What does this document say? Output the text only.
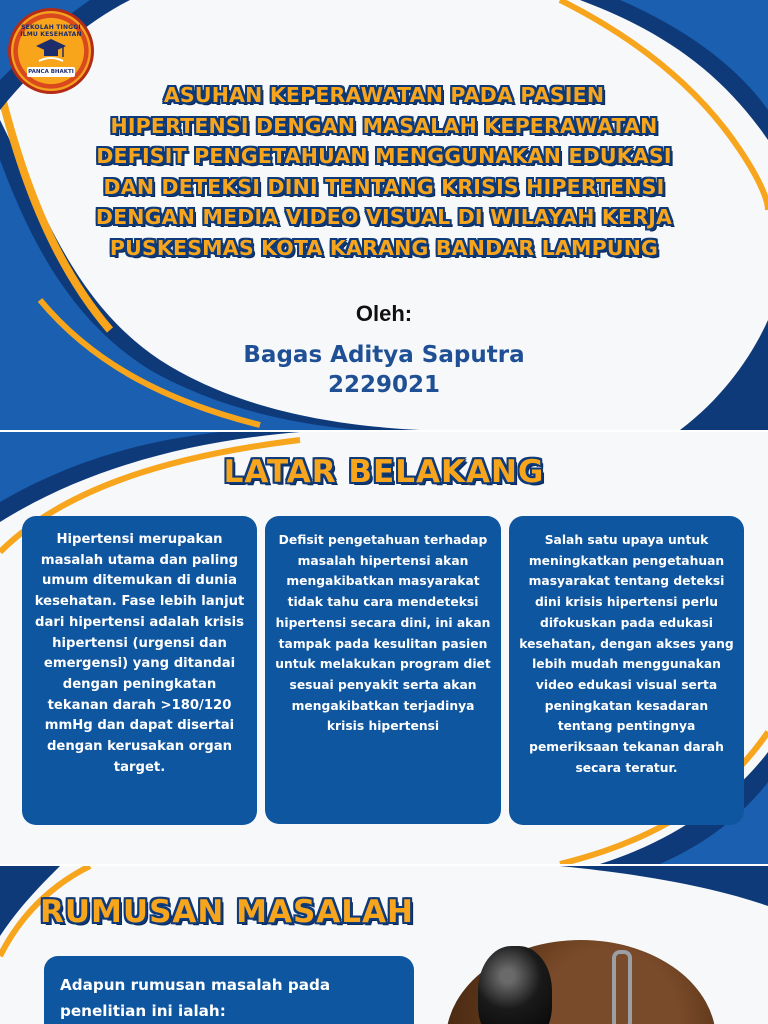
SEKOLAH TINGGI ILMU KESEHATAN
PANCA BHAKTI
ASUHAN KEPERAWATAN PADA PASIEN
HIPERTENSI DENGAN MASALAH KEPERAWATAN
DEFISIT PENGETAHUAN MENGGUNAKAN EDUKASI
DAN DETEKSI DINI TENTANG KRISIS HIPERTENSI
DENGAN MEDIA VIDEO VISUAL DI WILAYAH KERJA
PUSKESMAS KOTA KARANG BANDAR LAMPUNG
Oleh:
Bagas Aditya Saputra
2229021
LATAR BELAKANG
Hipertensi merupakan masalah utama dan paling umum ditemukan di dunia kesehatan. Fase lebih lanjut dari hipertensi adalah krisis hipertensi (urgensi dan emergensi) yang ditandai dengan peningkatan tekanan darah >180/120 mmHg dan dapat disertai dengan kerusakan organ target.
Defisit pengetahuan terhadap masalah hipertensi akan mengakibatkan masyarakat tidak tahu cara mendeteksi hipertensi secara dini, ini akan tampak pada kesulitan pasien untuk melakukan program diet sesuai penyakit serta akan mengakibatkan terjadinya krisis hipertensi
Salah satu upaya untuk meningkatkan pengetahuan masyarakat tentang deteksi dini krisis hipertensi perlu difokuskan pada edukasi kesehatan, dengan akses yang lebih mudah menggunakan video edukasi visual serta peningkatan kesadaran tentang pentingnya pemeriksaan tekanan darah secara teratur.
RUMUSAN MASALAH
Adapun rumusan masalah pada penelitian ini ialah:
